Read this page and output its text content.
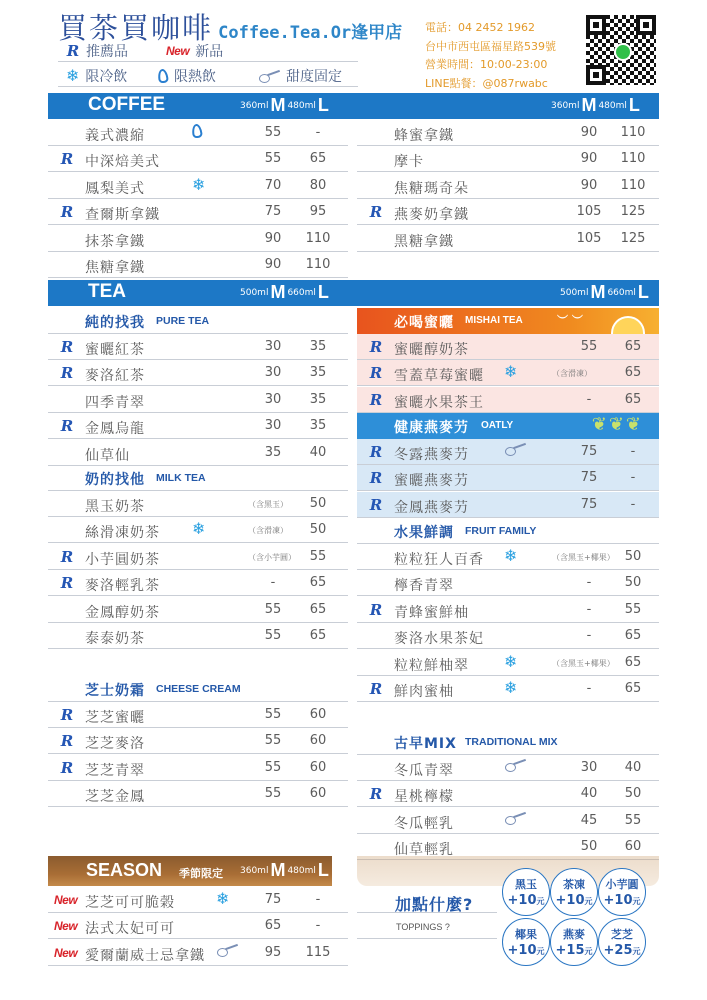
買茶買咖啡 Coffee.Tea.Or逢甲店
R 推薦品	New 新品
❄ 限冷飲	限熱飲	甜度固定
電話：04 2452 1962
台中市西屯區福星路539號
營業時間：10:00-23:00
LINE點餐：@087rwabc
COFFEE	360ml M 480ml L	360ml M 480ml L
義式濃縮	55	-
R 中深焙美式	55	65
鳳梨美式	❄	70	80
R 查爾斯拿鐵	75	95
抹茶拿鐵	90	110
焦糖拿鐵	90	110
蜂蜜拿鐵	90	110
摩卡	90	110
焦糖瑪奇朵	90	110
R 燕麥奶拿鐵	105	125
黑糖拿鐵	105	125
TEA	500ml M 660ml L	500ml M 660ml L
純的找我 PURE TEA
R 蜜曬紅茶	30	35
R 麥洛紅茶	30	35
四季青翠	30	35
R 金鳳烏龍	30	35
仙草仙	35	40
奶的找他 MILK TEA
黑玉奶茶	（含黑玉）	50
絲滑凍奶茶 ❄	（含滑凍）	50
R 小芋圓奶茶	（含小芋圓）	55
R 麥洛輕乳茶	-	65
金鳳醇奶茶	55	65
泰泰奶茶	55	65
芝士奶霜 CHEESE CREAM
R 芝芝蜜曬	55	60
R 芝芝麥洛	55	60
R 芝芝青翠	55	60
芝芝金鳳	55	60
必喝蜜曬 MISHAI TEA	︶ ︶
R 蜜曬醇奶茶	55	65
R 雪蓋草莓蜜曬 ❄	（含滑凍）	65
R 蜜曬水果茶王	-	65
健康燕麥芀 OATLY	❦❦❦
R 冬露燕麥芀	75	-
R 蜜曬燕麥芀	75	-
R 金鳳燕麥芀	75	-
水果鮮調 FRUIT FAMILY
粒粒狂人百香 ❄	（含黑玉+椰果） 50
檸香青翠	-	50
R 青蜂蜜鮮柚	-	55
麥洛水果茶妃	-	65
粒粒鮮柚翠 ❄	（含黑玉+椰果） 65
R 鮮肉蜜柚	❄	-	65
古早MIX TRADITIONAL MIX
冬瓜青翠	30	40
R 星桃檸檬	40	50
冬瓜輕乳	45	55
仙草輕乳	50	60
SEASON 季節限定 360ml M 480ml L
New 芝芝可可脆榖	❄	75	-
New 法式太妃可可	65	-
New 愛爾蘭威士忌拿鐵	95	115
加點什麼?
TOPPINGS ?
黑玉
+10元
茶凍
+10元
小芋圓
+10元
椰果
+10元
燕麥
+15元
芝芝
+25元
